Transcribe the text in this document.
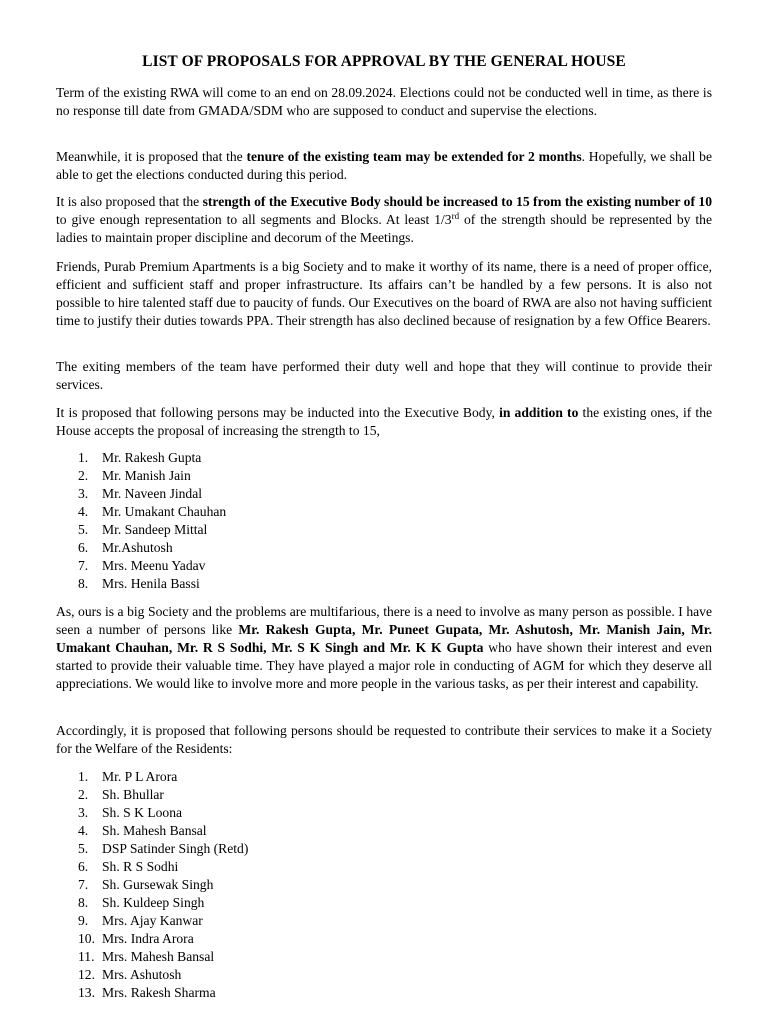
LIST OF PROPOSALS FOR APPROVAL BY THE GENERAL HOUSE
Term of the existing RWA will come to an end on 28.09.2024. Elections could not be conducted well in time, as there is no response till date from GMADA/SDM who are supposed to conduct and supervise the elections.
Meanwhile, it is proposed that the tenure of the existing team may be extended for 2 months. Hopefully, we shall be able to get the elections conducted during this period.
It is also proposed that the strength of the Executive Body should be increased to 15 from the existing number of 10 to give enough representation to all segments and Blocks. At least 1/3rd of the strength should be represented by the ladies to maintain proper discipline and decorum of the Meetings.
Friends, Purab Premium Apartments is a big Society and to make it worthy of its name, there is a need of proper office, efficient and sufficient staff and proper infrastructure. Its affairs can’t be handled by a few persons. It is also not possible to hire talented staff due to paucity of funds. Our Executives on the board of RWA are also not having sufficient time to justify their duties towards PPA. Their strength has also declined because of resignation by a few Office Bearers.
The exiting members of the team have performed their duty well and hope that they will continue to provide their services.
It is proposed that following persons may be inducted into the Executive Body, in addition to the existing ones, if the House accepts the proposal of increasing the strength to 15,
1. Mr. Rakesh Gupta
2. Mr. Manish Jain
3. Mr. Naveen Jindal
4. Mr. Umakant Chauhan
5. Mr. Sandeep Mittal
6. Mr.Ashutosh
7. Mrs. Meenu Yadav
8. Mrs. Henila Bassi
As, ours is a big Society and the problems are multifarious, there is a need to involve as many person as possible. I have seen a number of persons like Mr. Rakesh Gupta, Mr. Puneet Gupata, Mr. Ashutosh, Mr. Manish Jain, Mr. Umakant Chauhan, Mr. R S Sodhi, Mr. S K Singh and Mr. K K Gupta who have shown their interest and even started to provide their valuable time. They have played a major role in conducting of AGM for which they deserve all appreciations. We would like to involve more and more people in the various tasks, as per their interest and capability.
Accordingly, it is proposed that following persons should be requested to contribute their services to make it a Society for the Welfare of the Residents:
1. Mr. P L Arora
2. Sh. Bhullar
3. Sh. S K Loona
4. Sh. Mahesh Bansal
5. DSP Satinder Singh (Retd)
6. Sh. R S Sodhi
7. Sh. Gursewak Singh
8. Sh. Kuldeep Singh
9. Mrs. Ajay Kanwar
10. Mrs. Indra Arora
11. Mrs. Mahesh Bansal
12. Mrs. Ashutosh
13. Mrs. Rakesh Sharma
